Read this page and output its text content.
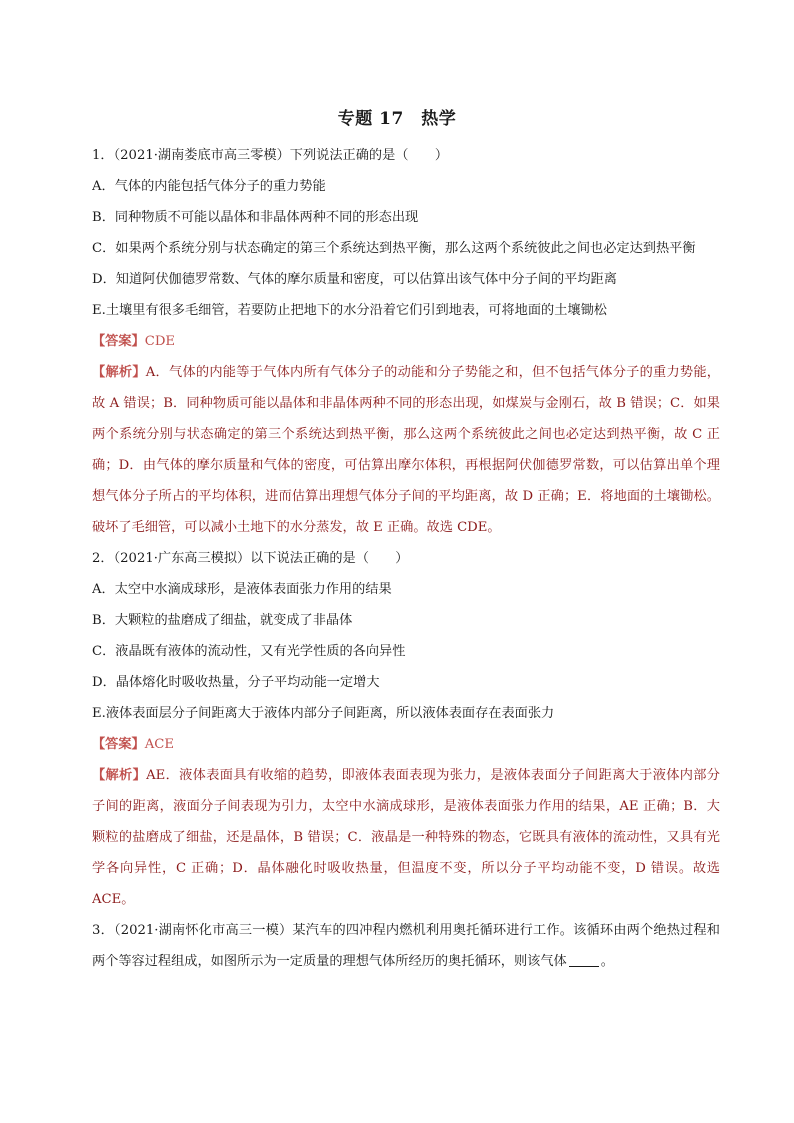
专题 17　热学
1．（2021·湖南娄底市高三零模）下列说法正确的是（　　）
A．气体的内能包括气体分子的重力势能
B．同种物质不可能以晶体和非晶体两种不同的形态出现
C．如果两个系统分别与状态确定的第三个系统达到热平衡，那么这两个系统彼此之间也必定达到热平衡
D．知道阿伏伽德罗常数、气体的摩尔质量和密度，可以估算出该气体中分子间的平均距离
E.土壤里有很多毛细管，若要防止把地下的水分沿着它们引到地表，可将地面的土壤锄松
【答案】CDE
【解析】A．气体的内能等于气体内所有气体分子的动能和分子势能之和，但不包括气体分子的重力势能，
故 A 错误；B．同种物质可能以晶体和非晶体两种不同的形态出现，如煤炭与金刚石，故 B 错误；C．如果
两个系统分别与状态确定的第三个系统达到热平衡，那么这两个系统彼此之间也必定达到热平衡，故 C 正
确；D．由气体的摩尔质量和气体的密度，可估算出摩尔体积，再根据阿伏伽德罗常数，可以估算出单个理
想气体分子所占的平均体积，进而估算出理想气体分子间的平均距离，故 D 正确；E．将地面的土壤锄松。
破坏了毛细管，可以减小土地下的水分蒸发，故 E 正确。故选 CDE。
2．（2021·广东高三模拟）以下说法正确的是（　　）
A．太空中水滴成球形，是液体表面张力作用的结果
B．大颗粒的盐磨成了细盐，就变成了非晶体
C．液晶既有液体的流动性，又有光学性质的各向异性
D．晶体熔化时吸收热量，分子平均动能一定增大
E.液体表面层分子间距离大于液体内部分子间距离，所以液体表面存在表面张力
【答案】ACE
【解析】AE．液体表面具有收缩的趋势，即液体表面表现为张力，是液体表面分子间距离大于液体内部分
子间的距离，液面分子间表现为引力，太空中水滴成球形，是液体表面张力作用的结果，AE 正确；B．大
颗粒的盐磨成了细盐，还是晶体，B 错误；C．液晶是一种特殊的物态，它既具有液体的流动性，又具有光
学各向异性，C 正确；D．晶体融化时吸收热量，但温度不变，所以分子平均动能不变，D 错误。故选
ACE。
3．（2021·湖南怀化市高三一模）某汽车的四冲程内燃机利用奥托循环进行工作。该循环由两个绝热过程和
两个等容过程组成，如图所示为一定质量的理想气体所经历的奥托循环，则该气体	。
